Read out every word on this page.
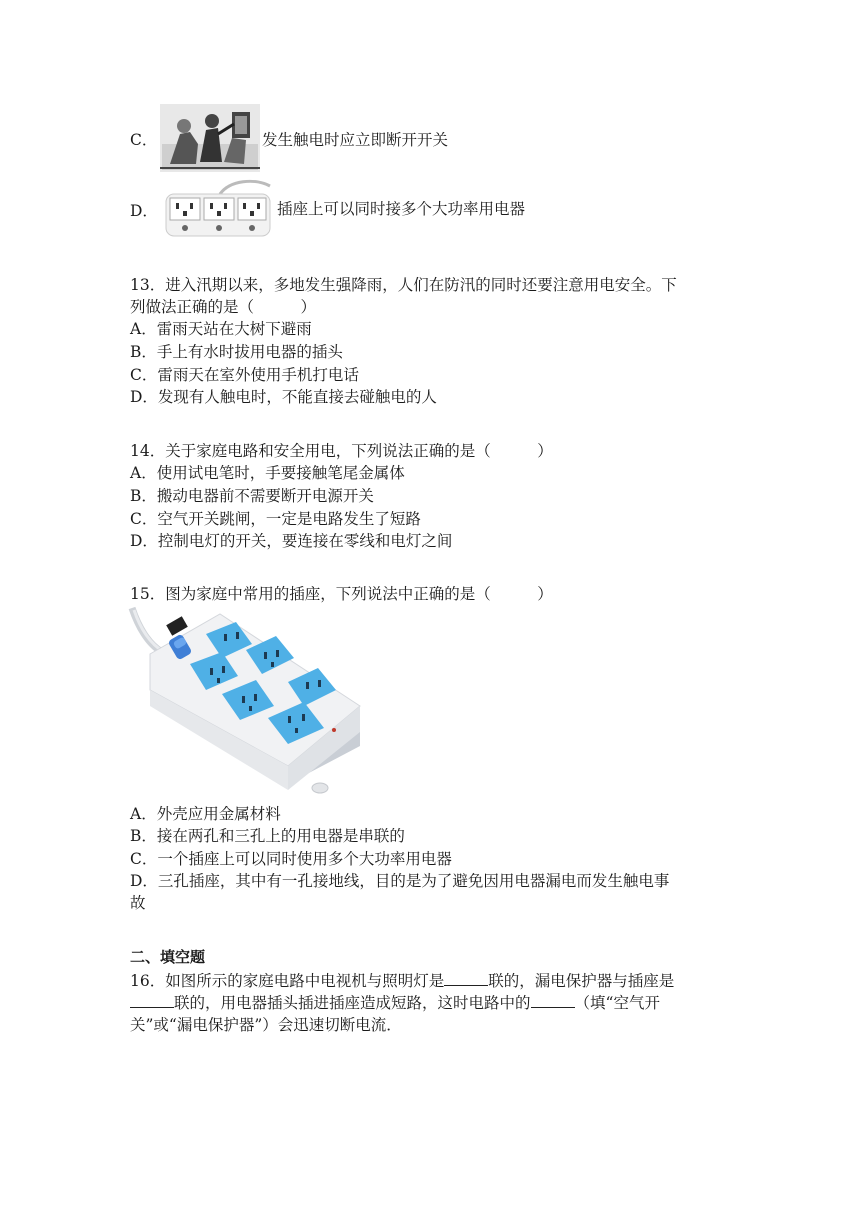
C．	发生触电时应立即断开开关
D．	插座上可以同时接多个大功率用电器
13．进入汛期以来，多地发生强降雨，人们在防汛的同时还要注意用电安全。下
列做法正确的是（　　　）
A．雷雨天站在大树下避雨
B．手上有水时拔用电器的插头
C．雷雨天在室外使用手机打电话
D．发现有人触电时，不能直接去碰触电的人
14．关于家庭电路和安全用电，下列说法正确的是（　　　）
A．使用试电笔时，手要接触笔尾金属体
B．搬动电器前不需要断开电源开关
C．空气开关跳闸，一定是电路发生了短路
D．控制电灯的开关，要连接在零线和电灯之间
15．图为家庭中常用的插座，下列说法中正确的是（　　　）
A．外壳应用金属材料
B．接在两孔和三孔上的用电器是串联的
C．一个插座上可以同时使用多个大功率用电器
D．三孔插座，其中有一孔接地线，目的是为了避免因用电器漏电而发生触电事
故
二、填空题
16．如图所示的家庭电路中电视机与照明灯是	联的，漏电保护器与插座是
联的，用电器插头插进插座造成短路，这时电路中的	（填“空气开
关”或“漏电保护器”）会迅速切断电流．
